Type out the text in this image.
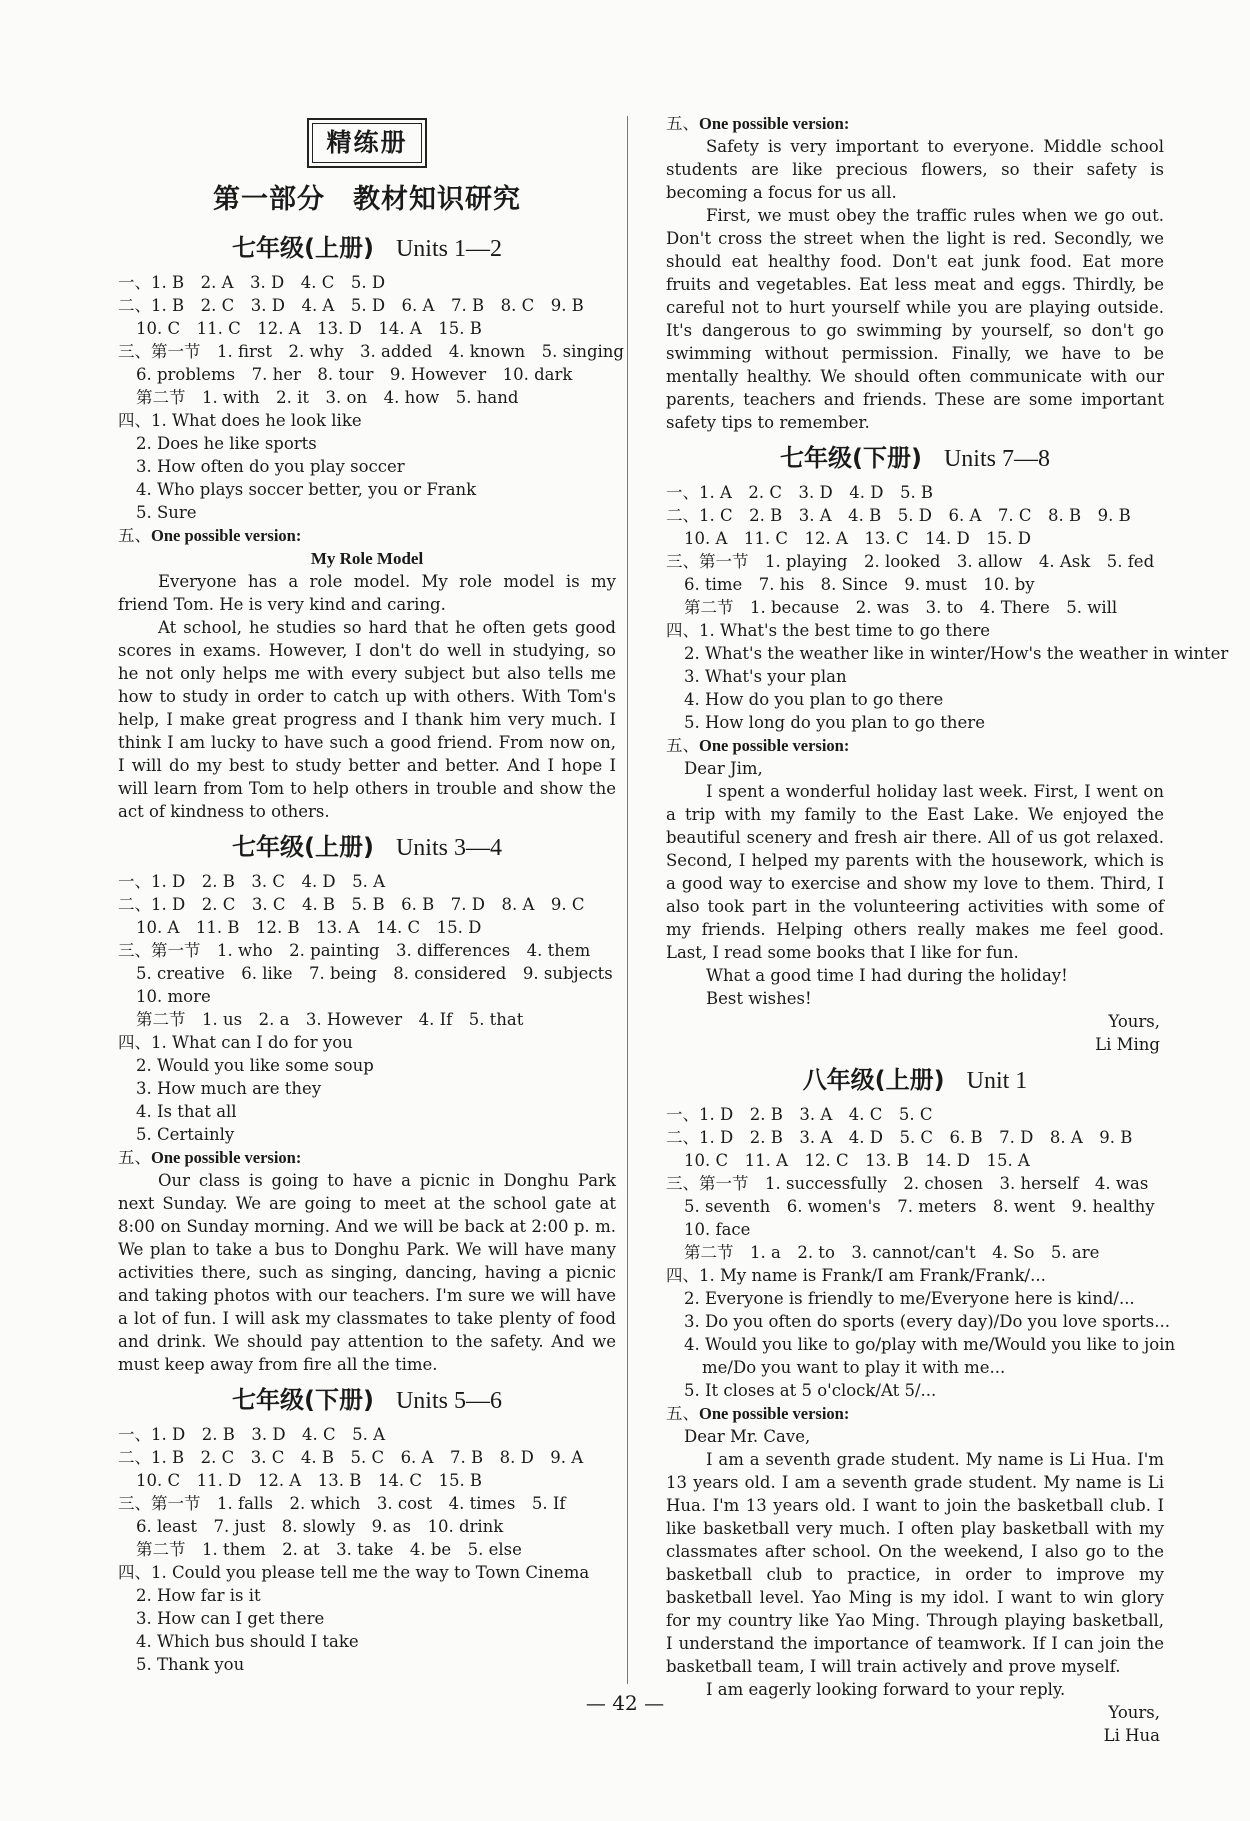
精练册
第一部分　教材知识研究
七年级(上册) Units 1—2
一、1. B　2. A　3. D　4. C　5. D
二、1. B　2. C　3. D　4. A　5. D　6. A　7. B　8. C　9. B
10. C　11. C　12. A　13. D　14. A　15. B
三、第一节　1. first　2. why　3. added　4. known　5. singing
6. problems　7. her　8. tour　9. However　10. dark
第二节　1. with　2. it　3. on　4. how　5. hand
四、1. What does he look like
2. Does he like sports
3. How often do you play soccer
4. Who plays soccer better, you or Frank
5. Sure
五、One possible version:
My Role Model
Everyone has a role model. My role model is my friend Tom. He is very kind and caring.
At school, he studies so hard that he often gets good scores in exams. However, I don't do well in studying, so he not only helps me with every subject but also tells me how to study in order to catch up with others. With Tom's help, I make great progress and I thank him very much. I think I am lucky to have such a good friend. From now on, I will do my best to study better and better. And I hope I will learn from Tom to help others in trouble and show the act of kindness to others.
七年级(上册) Units 3—4
一、1. D　2. B　3. C　4. D　5. A
二、1. D　2. C　3. C　4. B　5. B　6. B　7. D　8. A　9. C
10. A　11. B　12. B　13. A　14. C　15. D
三、第一节　1. who　2. painting　3. differences　4. them
5. creative　6. like　7. being　8. considered　9. subjects
10. more
第二节　1. us　2. a　3. However　4. If　5. that
四、1. What can I do for you
2. Would you like some soup
3. How much are they
4. Is that all
5. Certainly
五、One possible version:
Our class is going to have a picnic in Donghu Park next Sunday. We are going to meet at the school gate at 8:00 on Sunday morning. And we will be back at 2:00 p. m. We plan to take a bus to Donghu Park. We will have many activities there, such as singing, dancing, having a picnic and taking photos with our teachers. I'm sure we will have a lot of fun. I will ask my classmates to take plenty of food and drink. We should pay attention to the safety. And we must keep away from fire all the time.
七年级(下册) Units 5—6
一、1. D　2. B　3. D　4. C　5. A
二、1. B　2. C　3. C　4. B　5. C　6. A　7. B　8. D　9. A
10. C　11. D　12. A　13. B　14. C　15. B
三、第一节　1. falls　2. which　3. cost　4. times　5. If
6. least　7. just　8. slowly　9. as　10. drink
第二节　1. them　2. at　3. take　4. be　5. else
四、1. Could you please tell me the way to Town Cinema
2. How far is it
3. How can I get there
4. Which bus should I take
5. Thank you
五、One possible version:
Safety is very important to everyone. Middle school students are like precious flowers, so their safety is becoming a focus for us all.
First, we must obey the traffic rules when we go out. Don't cross the street when the light is red. Secondly, we should eat healthy food. Don't eat junk food. Eat more fruits and vegetables. Eat less meat and eggs. Thirdly, be careful not to hurt yourself while you are playing outside. It's dangerous to go swimming by yourself, so don't go swimming without permission. Finally, we have to be mentally healthy. We should often communicate with our parents, teachers and friends. These are some important safety tips to remember.
七年级(下册) Units 7—8
一、1. A　2. C　3. D　4. D　5. B
二、1. C　2. B　3. A　4. B　5. D　6. A　7. C　8. B　9. B
10. A　11. C　12. A　13. C　14. D　15. D
三、第一节　1. playing　2. looked　3. allow　4. Ask　5. fed
6. time　7. his　8. Since　9. must　10. by
第二节　1. because　2. was　3. to　4. There　5. will
四、1. What's the best time to go there
2. What's the weather like in winter/How's the weather in winter
3. What's your plan
4. How do you plan to go there
5. How long do you plan to go there
五、One possible version:
Dear Jim,
I spent a wonderful holiday last week. First, I went on a trip with my family to the East Lake. We enjoyed the beautiful scenery and fresh air there. All of us got relaxed. Second, I helped my parents with the housework, which is a good way to exercise and show my love to them. Third, I also took part in the volunteering activities with some of my friends. Helping others really makes me feel good. Last, I read some books that I like for fun.
What a good time I had during the holiday!
Best wishes!
Yours,
Li Ming
八年级(上册) Unit 1
一、1. D　2. B　3. A　4. C　5. C
二、1. D　2. B　3. A　4. D　5. C　6. B　7. D　8. A　9. B
10. C　11. A　12. C　13. B　14. D　15. A
三、第一节　1. successfully　2. chosen　3. herself　4. was
5. seventh　6. women's　7. meters　8. went　9. healthy
10. face
第二节　1. a　2. to　3. cannot/can't　4. So　5. are
四、1. My name is Frank/I am Frank/Frank/...
2. Everyone is friendly to me/Everyone here is kind/...
3. Do you often do sports (every day)/Do you love sports...
4. Would you like to go/play with me/Would you like to join
me/Do you want to play it with me...
5. It closes at 5 o'clock/At 5/...
五、One possible version:
Dear Mr. Cave,
I am a seventh grade student. My name is Li Hua. I'm 13 years old. I am a seventh grade student. My name is Li Hua. I'm 13 years old. I want to join the basketball club. I like basketball very much. I often play basketball with my classmates after school. On the weekend, I also go to the basketball club to practice, in order to improve my basketball level. Yao Ming is my idol. I want to win glory for my country like Yao Ming. Through playing basketball, I understand the importance of teamwork. If I can join the basketball team, I will train actively and prove myself.
I am eagerly looking forward to your reply.
Yours,
Li Hua
— 42 —
